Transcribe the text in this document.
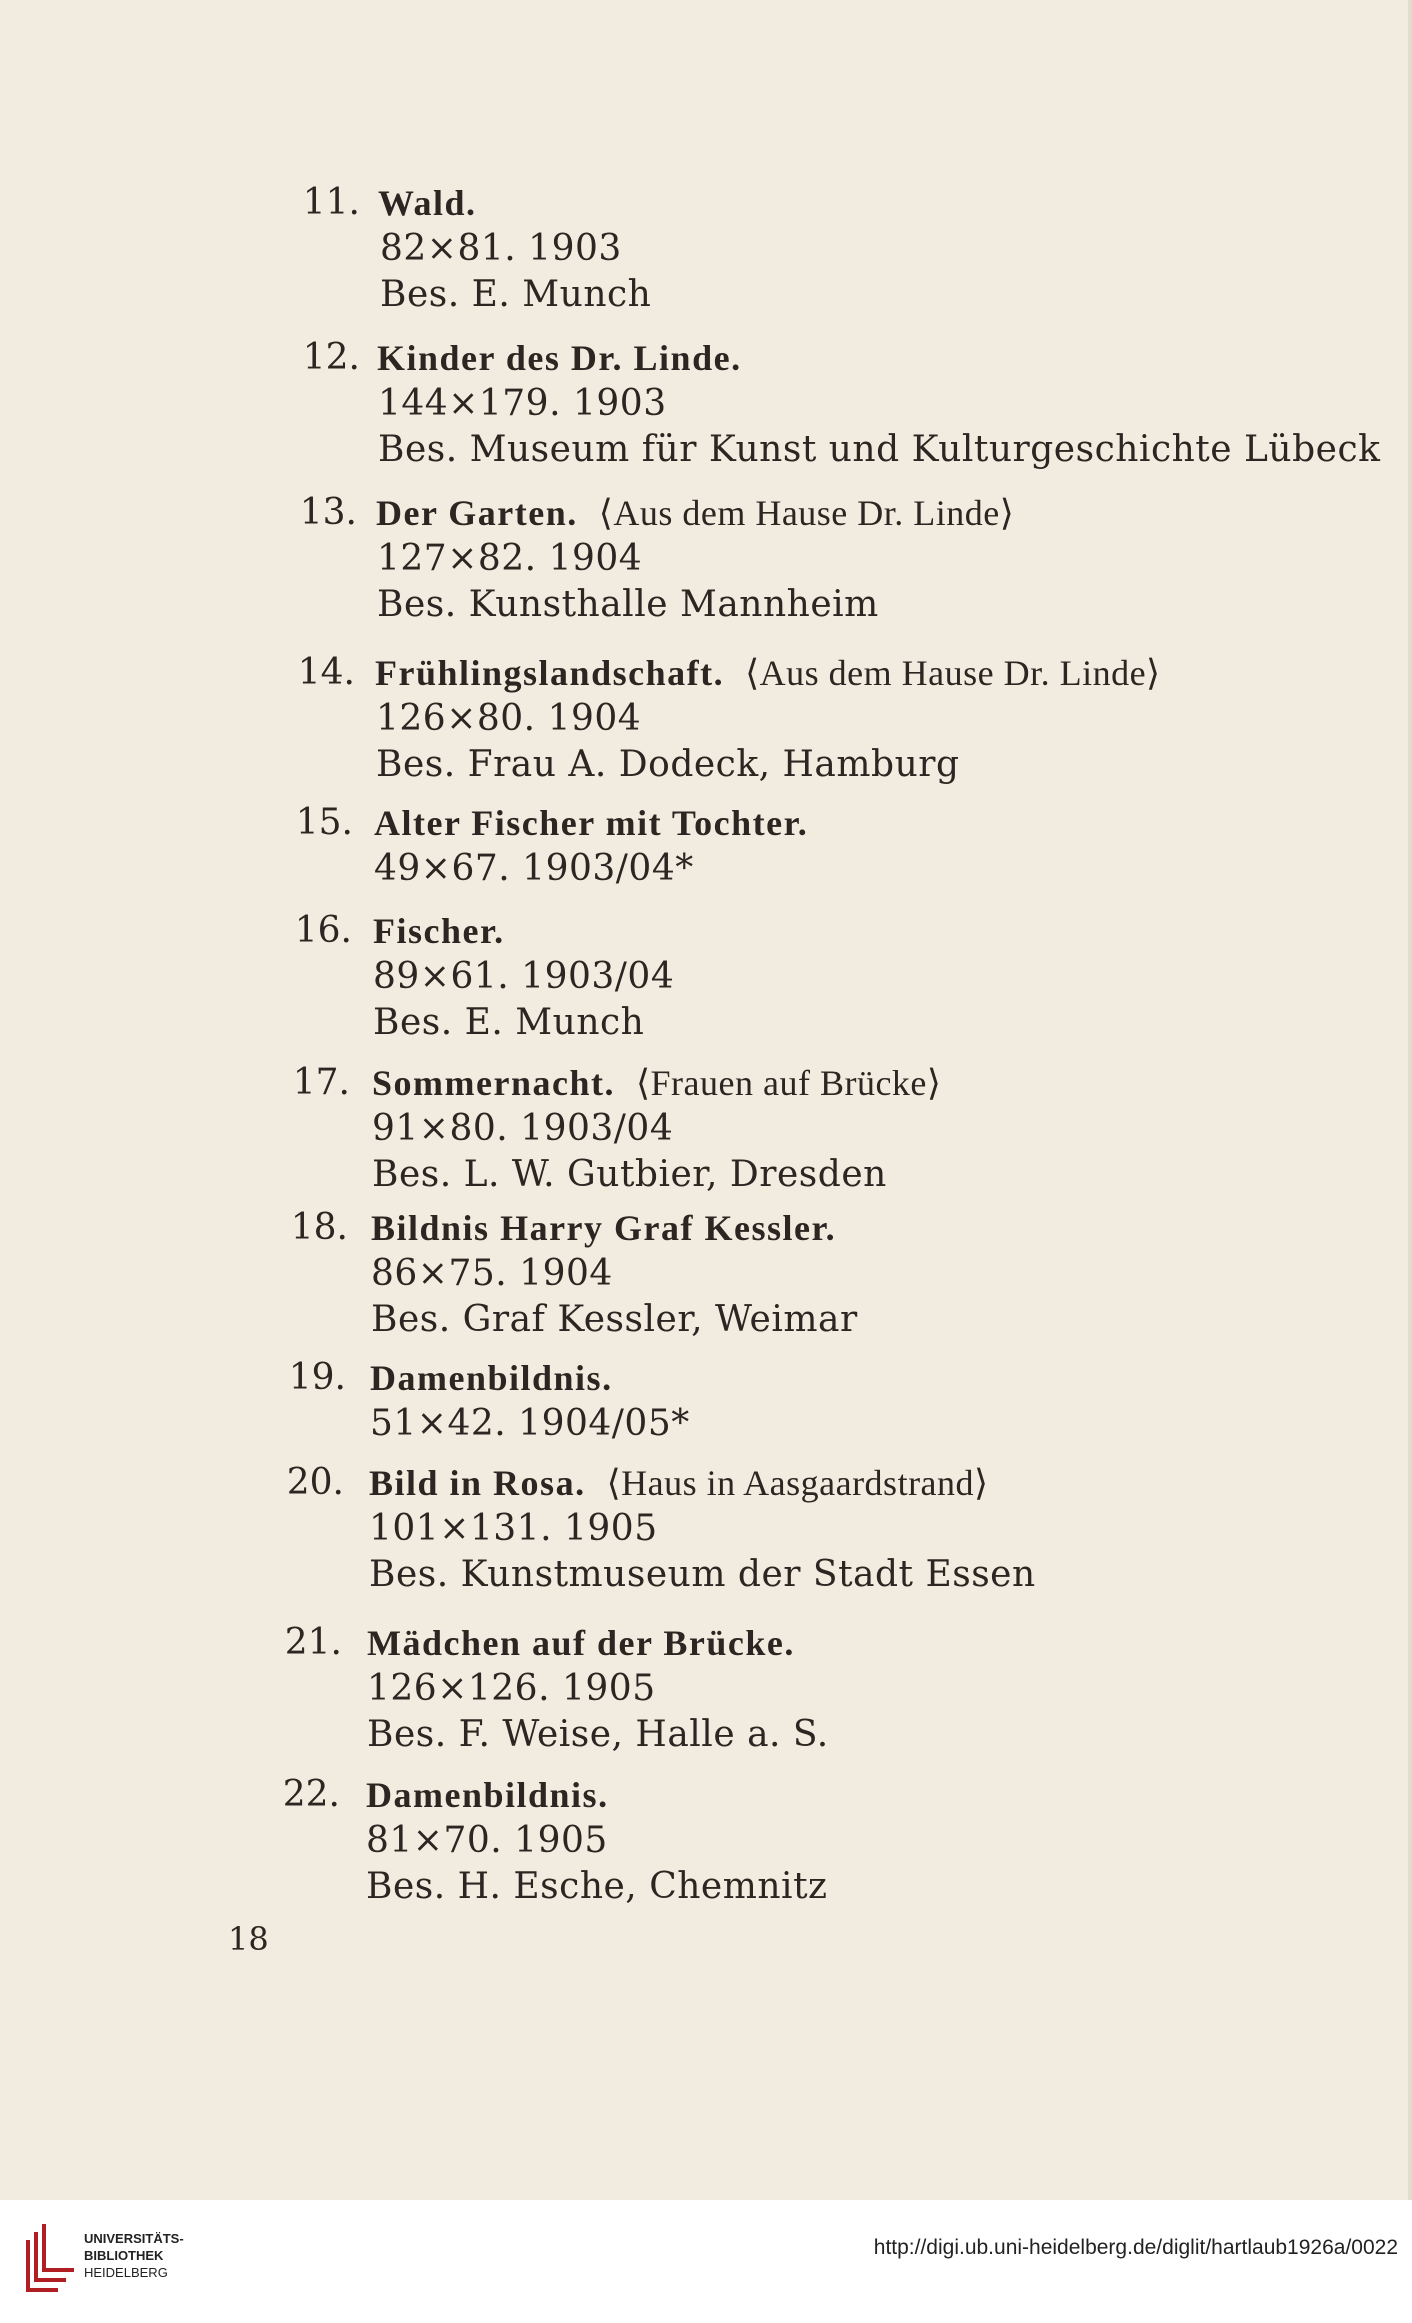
11. Wald.
82×81. 1903
Bes. E. Munch
12. Kinder des Dr. Linde.
144×179. 1903
Bes. Museum für Kunst und Kulturgeschichte Lübeck
13. Der Garten. ⟨Aus dem Hause Dr. Linde⟩
127×82. 1904
Bes. Kunsthalle Mannheim
14. Frühlingslandschaft. ⟨Aus dem Hause Dr. Linde⟩
126×80. 1904
Bes. Frau A. Dodeck, Hamburg
15. Alter Fischer mit Tochter.
49×67. 1903/04*
16. Fischer.
89×61. 1903/04
Bes. E. Munch
17. Sommernacht. ⟨Frauen auf Brücke⟩
91×80. 1903/04
Bes. L. W. Gutbier, Dresden
18. Bildnis Harry Graf Kessler.
86×75. 1904
Bes. Graf Kessler, Weimar
19. Damenbildnis.
51×42. 1904/05*
20. Bild in Rosa. ⟨Haus in Aasgaardstrand⟩
101×131. 1905
Bes. Kunstmuseum der Stadt Essen
21. Mädchen auf der Brücke.
126×126. 1905
Bes. F. Weise, Halle a. S.
22. Damenbildnis.
81×70. 1905
Bes. H. Esche, Chemnitz
18
UNIVERSITÄTS-
BIBLIOTHEK
HEIDELBERG
http://digi.ub.uni-heidelberg.de/diglit/hartlaub1926a/0022
